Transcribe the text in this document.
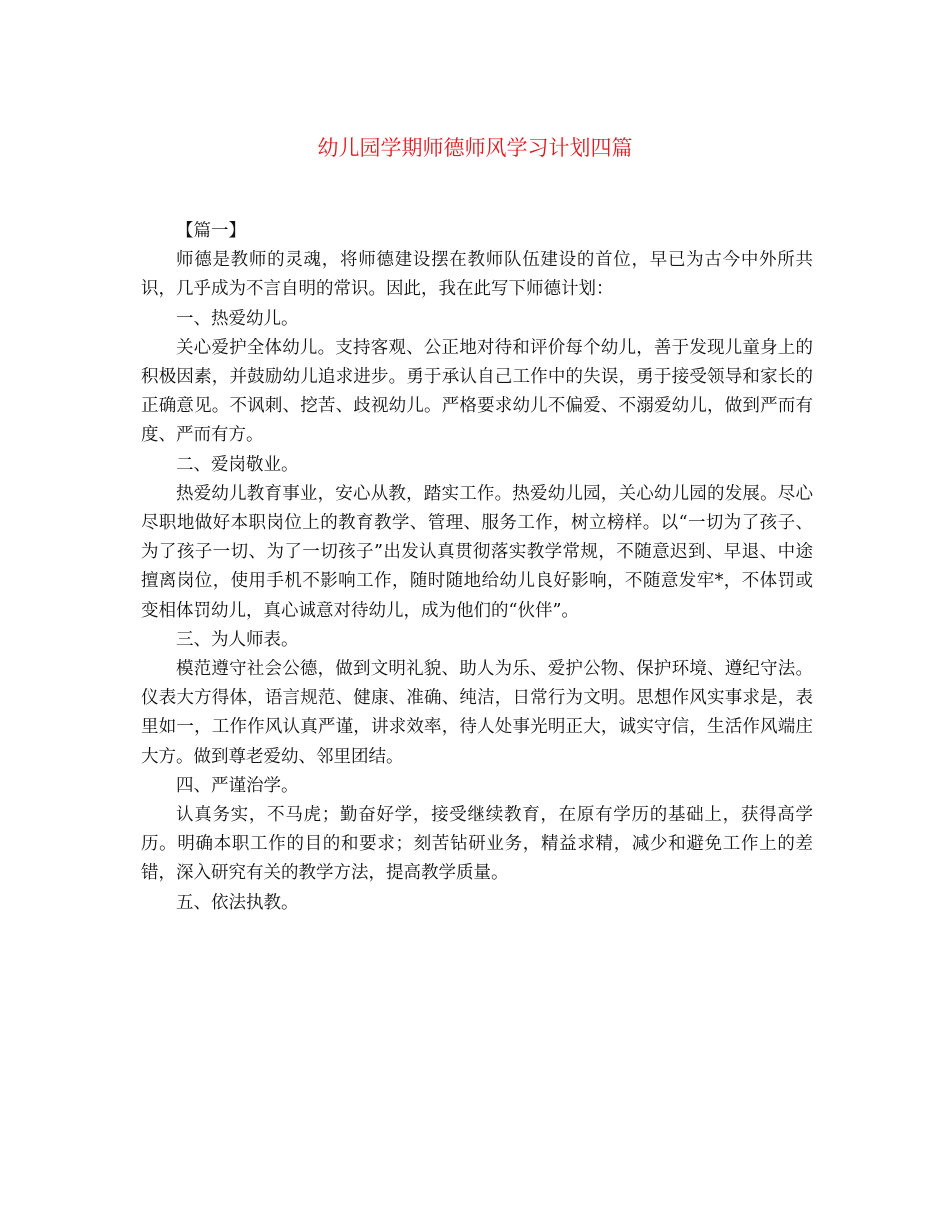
幼儿园学期师德师风学习计划四篇

【篇一】

师德是教师的灵魂，将师德建设摆在教师队伍建设的首位，早已为古今中外所共识，几乎成为不言自明的常识。因此，我在此写下师德计划：

一、热爱幼儿。

关心爱护全体幼儿。支持客观、公正地对待和评价每个幼儿，善于发现儿童身上的积极因素，并鼓励幼儿追求进步。勇于承认自己工作中的失误，勇于接受领导和家长的正确意见。不讽刺、挖苦、歧视幼儿。严格要求幼儿不偏爱、不溺爱幼儿，做到严而有度、严而有方。

二、爱岗敬业。

热爱幼儿教育事业，安心从教，踏实工作。热爱幼儿园，关心幼儿园的发展。尽心尽职地做好本职岗位上的教育教学、管理、服务工作，树立榜样。以“一切为了孩子、为了孩子一切、为了一切孩子”出发认真贯彻落实教学常规，不随意迟到、早退、中途擅离岗位，使用手机不影响工作，随时随地给幼儿良好影响，不随意发牢*，不体罚或变相体罚幼儿，真心诚意对待幼儿，成为他们的“伙伴”。

三、为人师表。

模范遵守社会公德，做到文明礼貌、助人为乐、爱护公物、保护环境、遵纪守法。仪表大方得体，语言规范、健康、准确、纯洁，日常行为文明。思想作风实事求是，表里如一，工作作风认真严谨，讲求效率，待人处事光明正大，诚实守信，生活作风端庄大方。做到尊老爱幼、邻里团结。

四、严谨治学。

认真务实，不马虎；勤奋好学，接受继续教育，在原有学历的基础上，获得高学历。明确本职工作的目的和要求；刻苦钻研业务，精益求精，减少和避免工作上的差错，深入研究有关的教学方法，提高教学质量。

五、依法执教。
